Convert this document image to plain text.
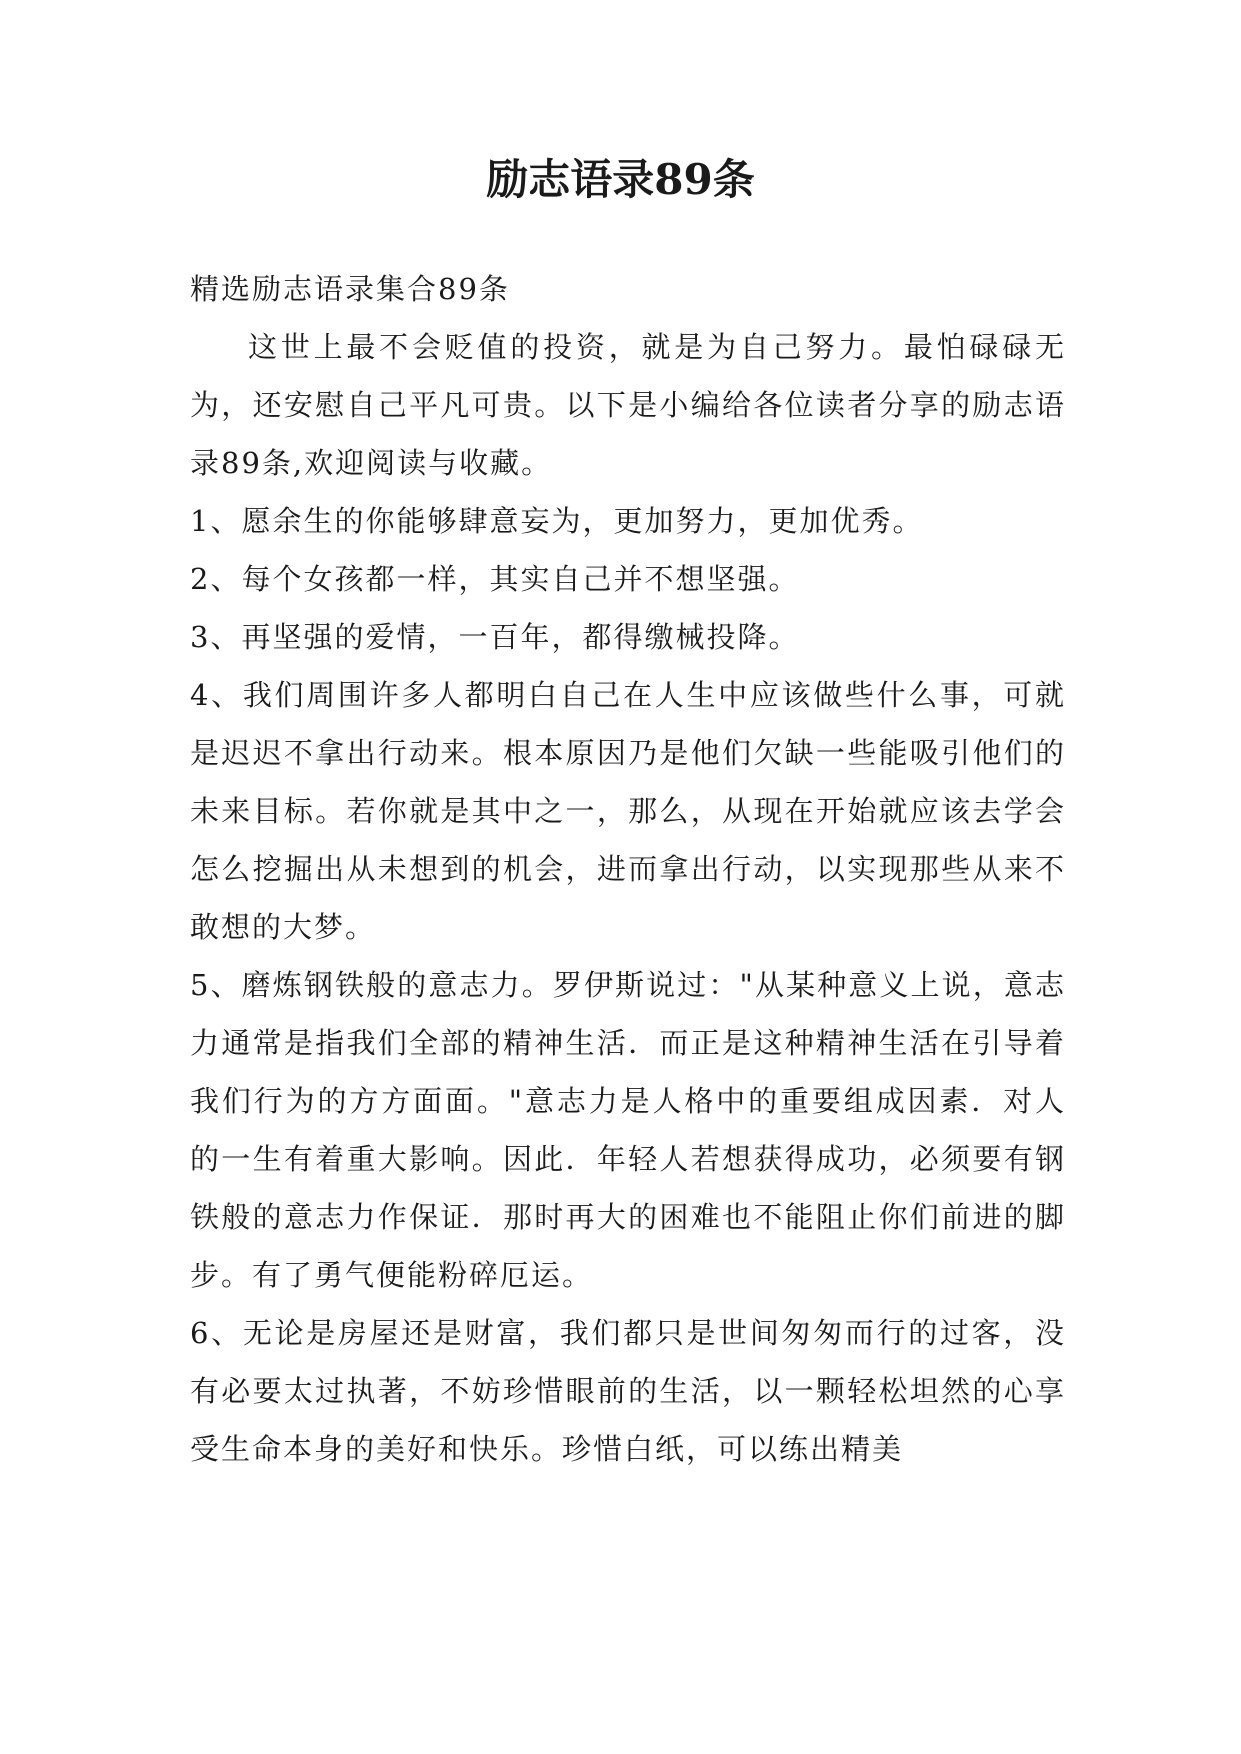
励志语录89条

精选励志语录集合89条

这世上最不会贬值的投资，就是为自己努力。最怕碌碌无为，还安慰自己平凡可贵。以下是小编给各位读者分享的励志语录89条,欢迎阅读与收藏。

1、愿余生的你能够肆意妄为，更加努力，更加优秀。

2、每个女孩都一样，其实自己并不想坚强。

3、再坚强的爱情，一百年，都得缴械投降。

4、我们周围许多人都明白自己在人生中应该做些什么事，可就是迟迟不拿出行动来。根本原因乃是他们欠缺一些能吸引他们的未来目标。若你就是其中之一，那么，从现在开始就应该去学会怎么挖掘出从未想到的机会，进而拿出行动，以实现那些从来不敢想的大梦。

5、磨炼钢铁般的意志力。罗伊斯说过："从某种意义上说，意志力通常是指我们全部的精神生活．而正是这种精神生活在引导着我们行为的方方面面。"意志力是人格中的重要组成因素．对人的一生有着重大影响。因此．年轻人若想获得成功，必须要有钢铁般的意志力作保证．那时再大的困难也不能阻止你们前进的脚步。有了勇气便能粉碎厄运。

6、无论是房屋还是财富，我们都只是世间匆匆而行的过客，没有必要太过执著，不妨珍惜眼前的生活，以一颗轻松坦然的心享受生命本身的美好和快乐。珍惜白纸，可以练出精美
